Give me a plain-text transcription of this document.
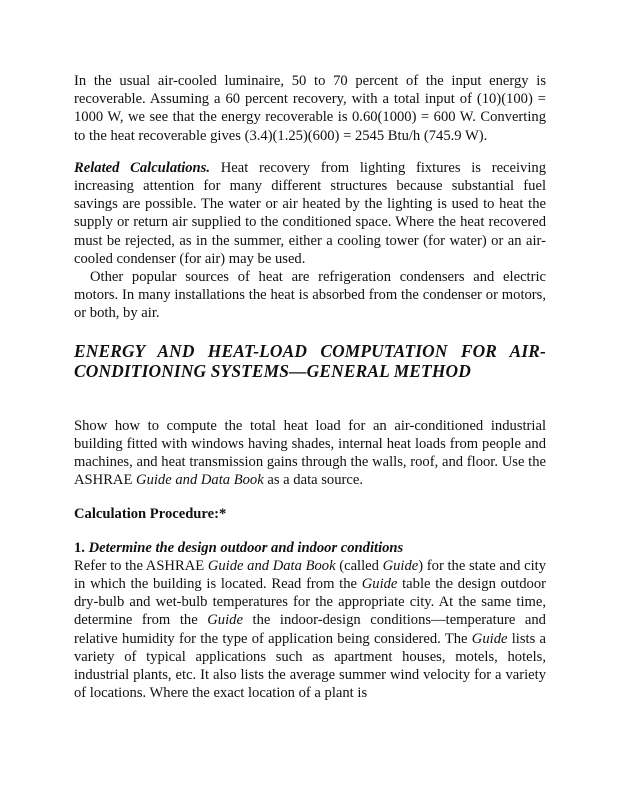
In the usual air-cooled luminaire, 50 to 70 percent of the input energy is recoverable. Assuming a 60 percent recovery, with a total input of (10)(100) = 1000 W, we see that the energy recoverable is 0.60(1000) = 600 W. Converting to the heat recoverable gives (3.4)(1.25)(600) = 2545 Btu/h (745.9 W).

Related Calculations. Heat recovery from lighting fixtures is receiving increasing attention for many different structures because substantial fuel savings are possible. The water or air heated by the lighting is used to heat the supply or return air supplied to the conditioned space. Where the heat recovered must be rejected, as in the summer, either a cooling tower (for water) or an air-cooled condenser (for air) may be used.

Other popular sources of heat are refrigeration condensers and electric motors. In many installations the heat is absorbed from the condenser or motors, or both, by air.

ENERGY AND HEAT-LOAD COMPUTATION FOR AIR-CONDITIONING SYSTEMS—GENERAL METHOD

Show how to compute the total heat load for an air-conditioned industrial building fitted with windows having shades, internal heat loads from people and machines, and heat transmission gains through the walls, roof, and floor. Use the ASHRAE Guide and Data Book as a data source.

Calculation Procedure:*

1. Determine the design outdoor and indoor conditions

Refer to the ASHRAE Guide and Data Book (called Guide) for the state and city in which the building is located. Read from the Guide table the design outdoor dry-bulb and wet-bulb temperatures for the appropriate city. At the same time, determine from the Guide the indoor-design conditions—temperature and relative humidity for the type of application being considered. The Guide lists a variety of typical applications such as apartment houses, motels, hotels, industrial plants, etc. It also lists the average summer wind velocity for a variety of locations. Where the exact location of a plant is
